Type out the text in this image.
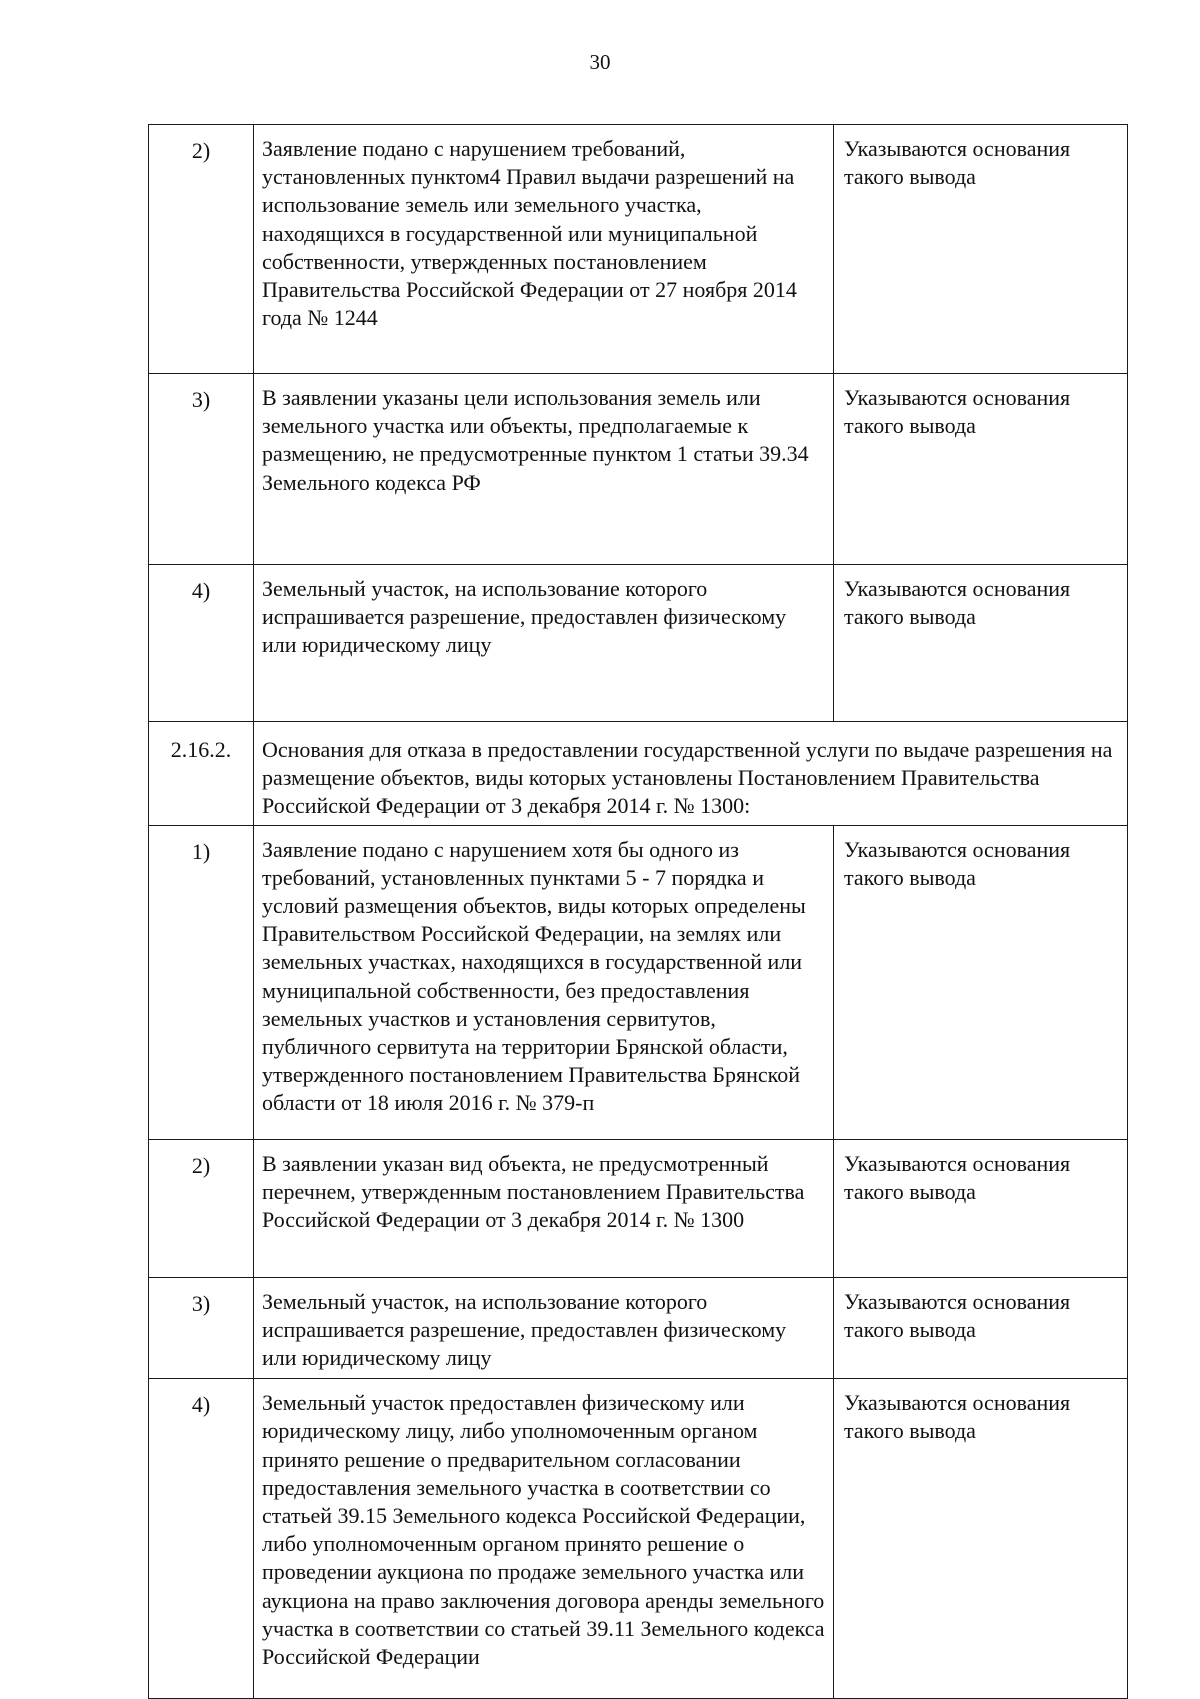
30
2)	Заявление подано с нарушением требований, установленных пунктом4 Правил выдачи разрешений на использование земель или земельного участка, находящихся в государственной или муниципальной собственности, утвержденных постановлением Правительства Российской Федерации от 27 ноября 2014 года № 1244	Указываются основания такого вывода
3)	В заявлении указаны цели использования земель или земельного участка или объекты, предполагаемые к размещению, не предусмотренные пунктом 1 статьи 39.34 Земельного кодекса РФ	Указываются основания такого вывода
4)	Земельный участок, на использование которого испрашивается разрешение, предоставлен физическому или юридическому лицу	Указываются основания такого вывода
2.16.2.	Основания для отказа в предоставлении государственной услуги по выдаче разрешения на размещение объектов, виды которых установлены Постановлением Правительства Российской Федерации от 3 декабря 2014 г. № 1300:	
1)	Заявление подано с нарушением хотя бы одного из требований, установленных пунктами 5 - 7 порядка и условий размещения объектов, виды которых определены Правительством Российской Федерации, на землях или земельных участках, находящихся в государственной или муниципальной собственности, без предоставления земельных участков и установления сервитутов, публичного сервитута на территории Брянской области, утвержденного постановлением Правительства Брянской области от 18 июля 2016 г. № 379-п	Указываются основания такого вывода
2)	В заявлении указан вид объекта, не предусмотренный перечнем, утвержденным постановлением Правительства Российской Федерации от 3 декабря 2014 г. № 1300	Указываются основания такого вывода
3)	Земельный участок, на использование которого испрашивается разрешение, предоставлен физическому или юридическому лицу	Указываются основания такого вывода
4)	Земельный участок предоставлен физическому или юридическому лицу, либо уполномоченным органом принято решение о предварительном согласовании предоставления земельного участка в соответствии со статьей 39.15 Земельного кодекса Российской Федерации, либо уполномоченным органом принято решение о проведении аукциона по продаже земельного участка или аукциона на право заключения договора аренды земельного участка в соответствии со статьей 39.11 Земельного кодекса Российской Федерации	Указываются основания такого вывода
